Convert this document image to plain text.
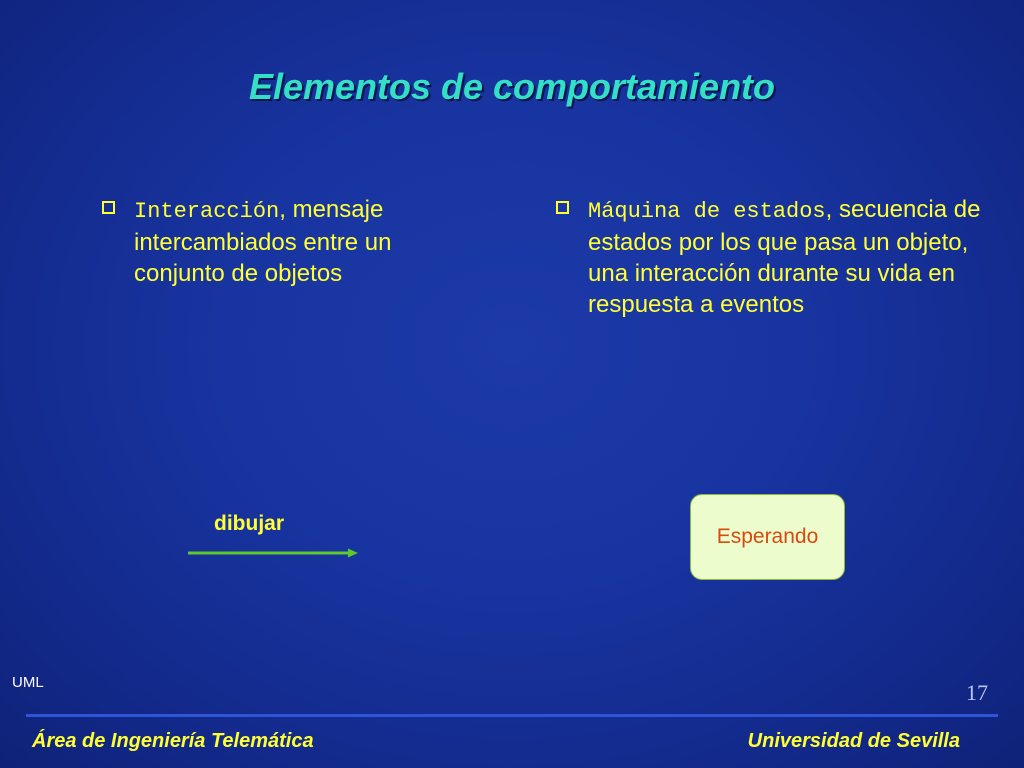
Elementos de comportamiento
Interacción, mensaje intercambiados entre un conjunto de objetos
Máquina de estados, secuencia de estados por los que pasa un objeto, una interacción durante su vida en respuesta a eventos
dibujar
Esperando
UML	17
Área de Ingeniería Telemática	Universidad de Sevilla
